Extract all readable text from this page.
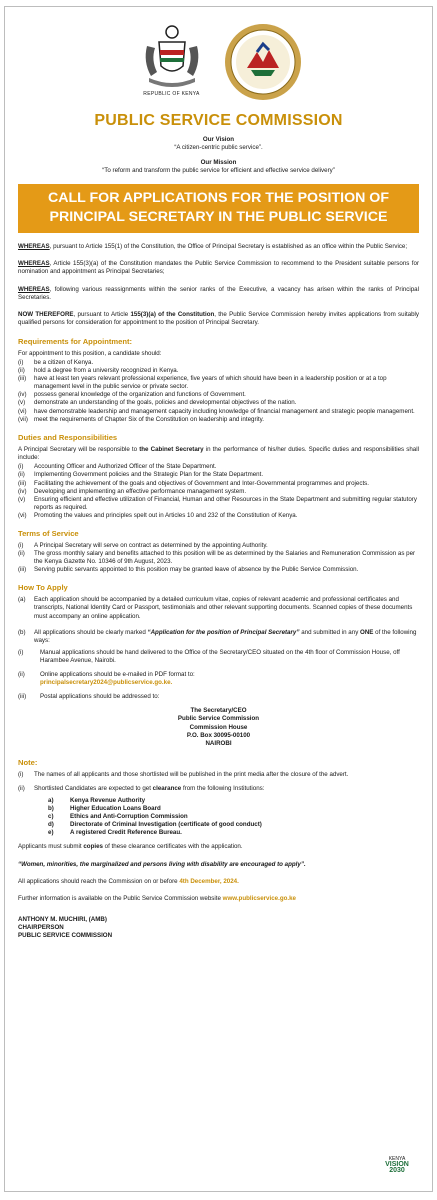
REPUBLIC OF KENYA
PUBLIC SERVICE COMMISSION
Our Vision
“A citizen-centric public service”.
Our Mission
“To reform and transform the public service for efficient and effective service delivery”
CALL FOR APPLICATIONS FOR THE POSITION OF
PRINCIPAL SECRETARY IN THE PUBLIC SERVICE

WHEREAS, pursuant to Article 155(1) of the Constitution, the Office of Principal Secretary is established as an office within the Public Service;

WHEREAS, Article 155(3)(a) of the Constitution mandates the Public Service Commission to recommend to the President suitable persons for nomination and appointment as Principal Secretaries;

WHEREAS, following various reassignments within the senior ranks of the Executive, a vacancy has arisen within the ranks of Principal Secretaries.

NOW THEREFORE, pursuant to Article 155(3)(a) of the Constitution, the Public Service Commission hereby invites applications from suitably qualified persons for consideration for appointment to the position of Principal Secretary.

Requirements for Appointment:

For appointment to this position, a candidate should:

(i)	be a citizen of Kenya.
(ii)	hold a degree from a university recognized in Kenya.
(iii)	have at least ten years relevant professional experience, five years of which should have been in a leadership position or at a top management level in the public service or private sector.
(iv)	possess general knowledge of the organization and functions of Government.
(v)	demonstrate an understanding of the goals, policies and developmental objectives of the nation.
(vi)	have demonstrable leadership and management capacity including knowledge of financial management and strategic people management.
(vii) meet the requirements of Chapter Six of the Constitution on leadership and integrity.
Duties and Responsibilities

A Principal Secretary will be responsible to the Cabinet Secretary in the performance of his/her duties. Specific duties and responsibilities shall include:

(i)	Accounting Officer and Authorized Officer of the State Department.
(ii)	Implementing Government policies and the Strategic Plan for the State Department.
(iii)	Facilitating the achievement of the goals and objectives of Government and Inter-Governmental programmes and projects.
(iv)	Developing and implementing an effective performance management system.
(v)	Ensuring efficient and effective utilization of Financial, Human and other Resources in the State Department and submitting regular statutory reports as required.
(vi)	Promoting the values and principles spelt out in Articles 10 and 232 of the Constitution of Kenya.
Terms of Service
(i)	A Principal Secretary will serve on contract as determined by the appointing Authority.
(ii)	The gross monthly salary and benefits attached to this position will be as determined by the Salaries and Remuneration Commission as per the Kenya Gazette No. 10346 of 9th August, 2023.
(iii)	Serving public servants appointed to this position may be granted leave of absence by the Public Service Commission.
How To Apply
(a)	Each application should be accompanied by a detailed curriculum vitae, copies of relevant academic and professional certificates and transcripts, National Identity Card or Passport, testimonials and other relevant supporting documents. Scanned copies of these documents must accompany an online application.
(b)	All applications should be clearly marked “Application for the position of Principal Secretary” and submitted in any ONE of the following ways:
(i)	Manual applications should be hand delivered to the Office of the Secretary/CEO situated on the 4th floor of Commission House, off Harambee Avenue, Nairobi.
(ii)	Online applications should be e-mailed in PDF format to:
principalsecretary2024@publicservice.go.ke.
(iii)	Postal applications should be addressed to:
The Secretary/CEO
Public Service Commission
Commission House
P.O. Box 30095-00100
NAIROBI
Note:
(i)	The names of all applicants and those shortlisted will be published in the print media after the closure of the advert.
(ii)	Shortlisted Candidates are expected to get clearance from the following Institutions:
a)	Kenya Revenue Authority
b)	Higher Education Loans Board
c)	Ethics and Anti-Corruption Commission
d)	Directorate of Criminal Investigation (certificate of good conduct)
e)	A registered Credit Reference Bureau.

Applicants must submit copies of these clearance certificates with the application.

“Women, minorities, the marginalized and persons living with disability are encouraged to apply”.

All applications should reach the Commission on or before 4th December, 2024.

Further information is available on the Public Service Commission website www.publicservice.go.ke

ANTHONY M. MUCHIRI, (AMB)
CHAIRPERSON
PUBLIC SERVICE COMMISSION
KENYA
VISION 2030
